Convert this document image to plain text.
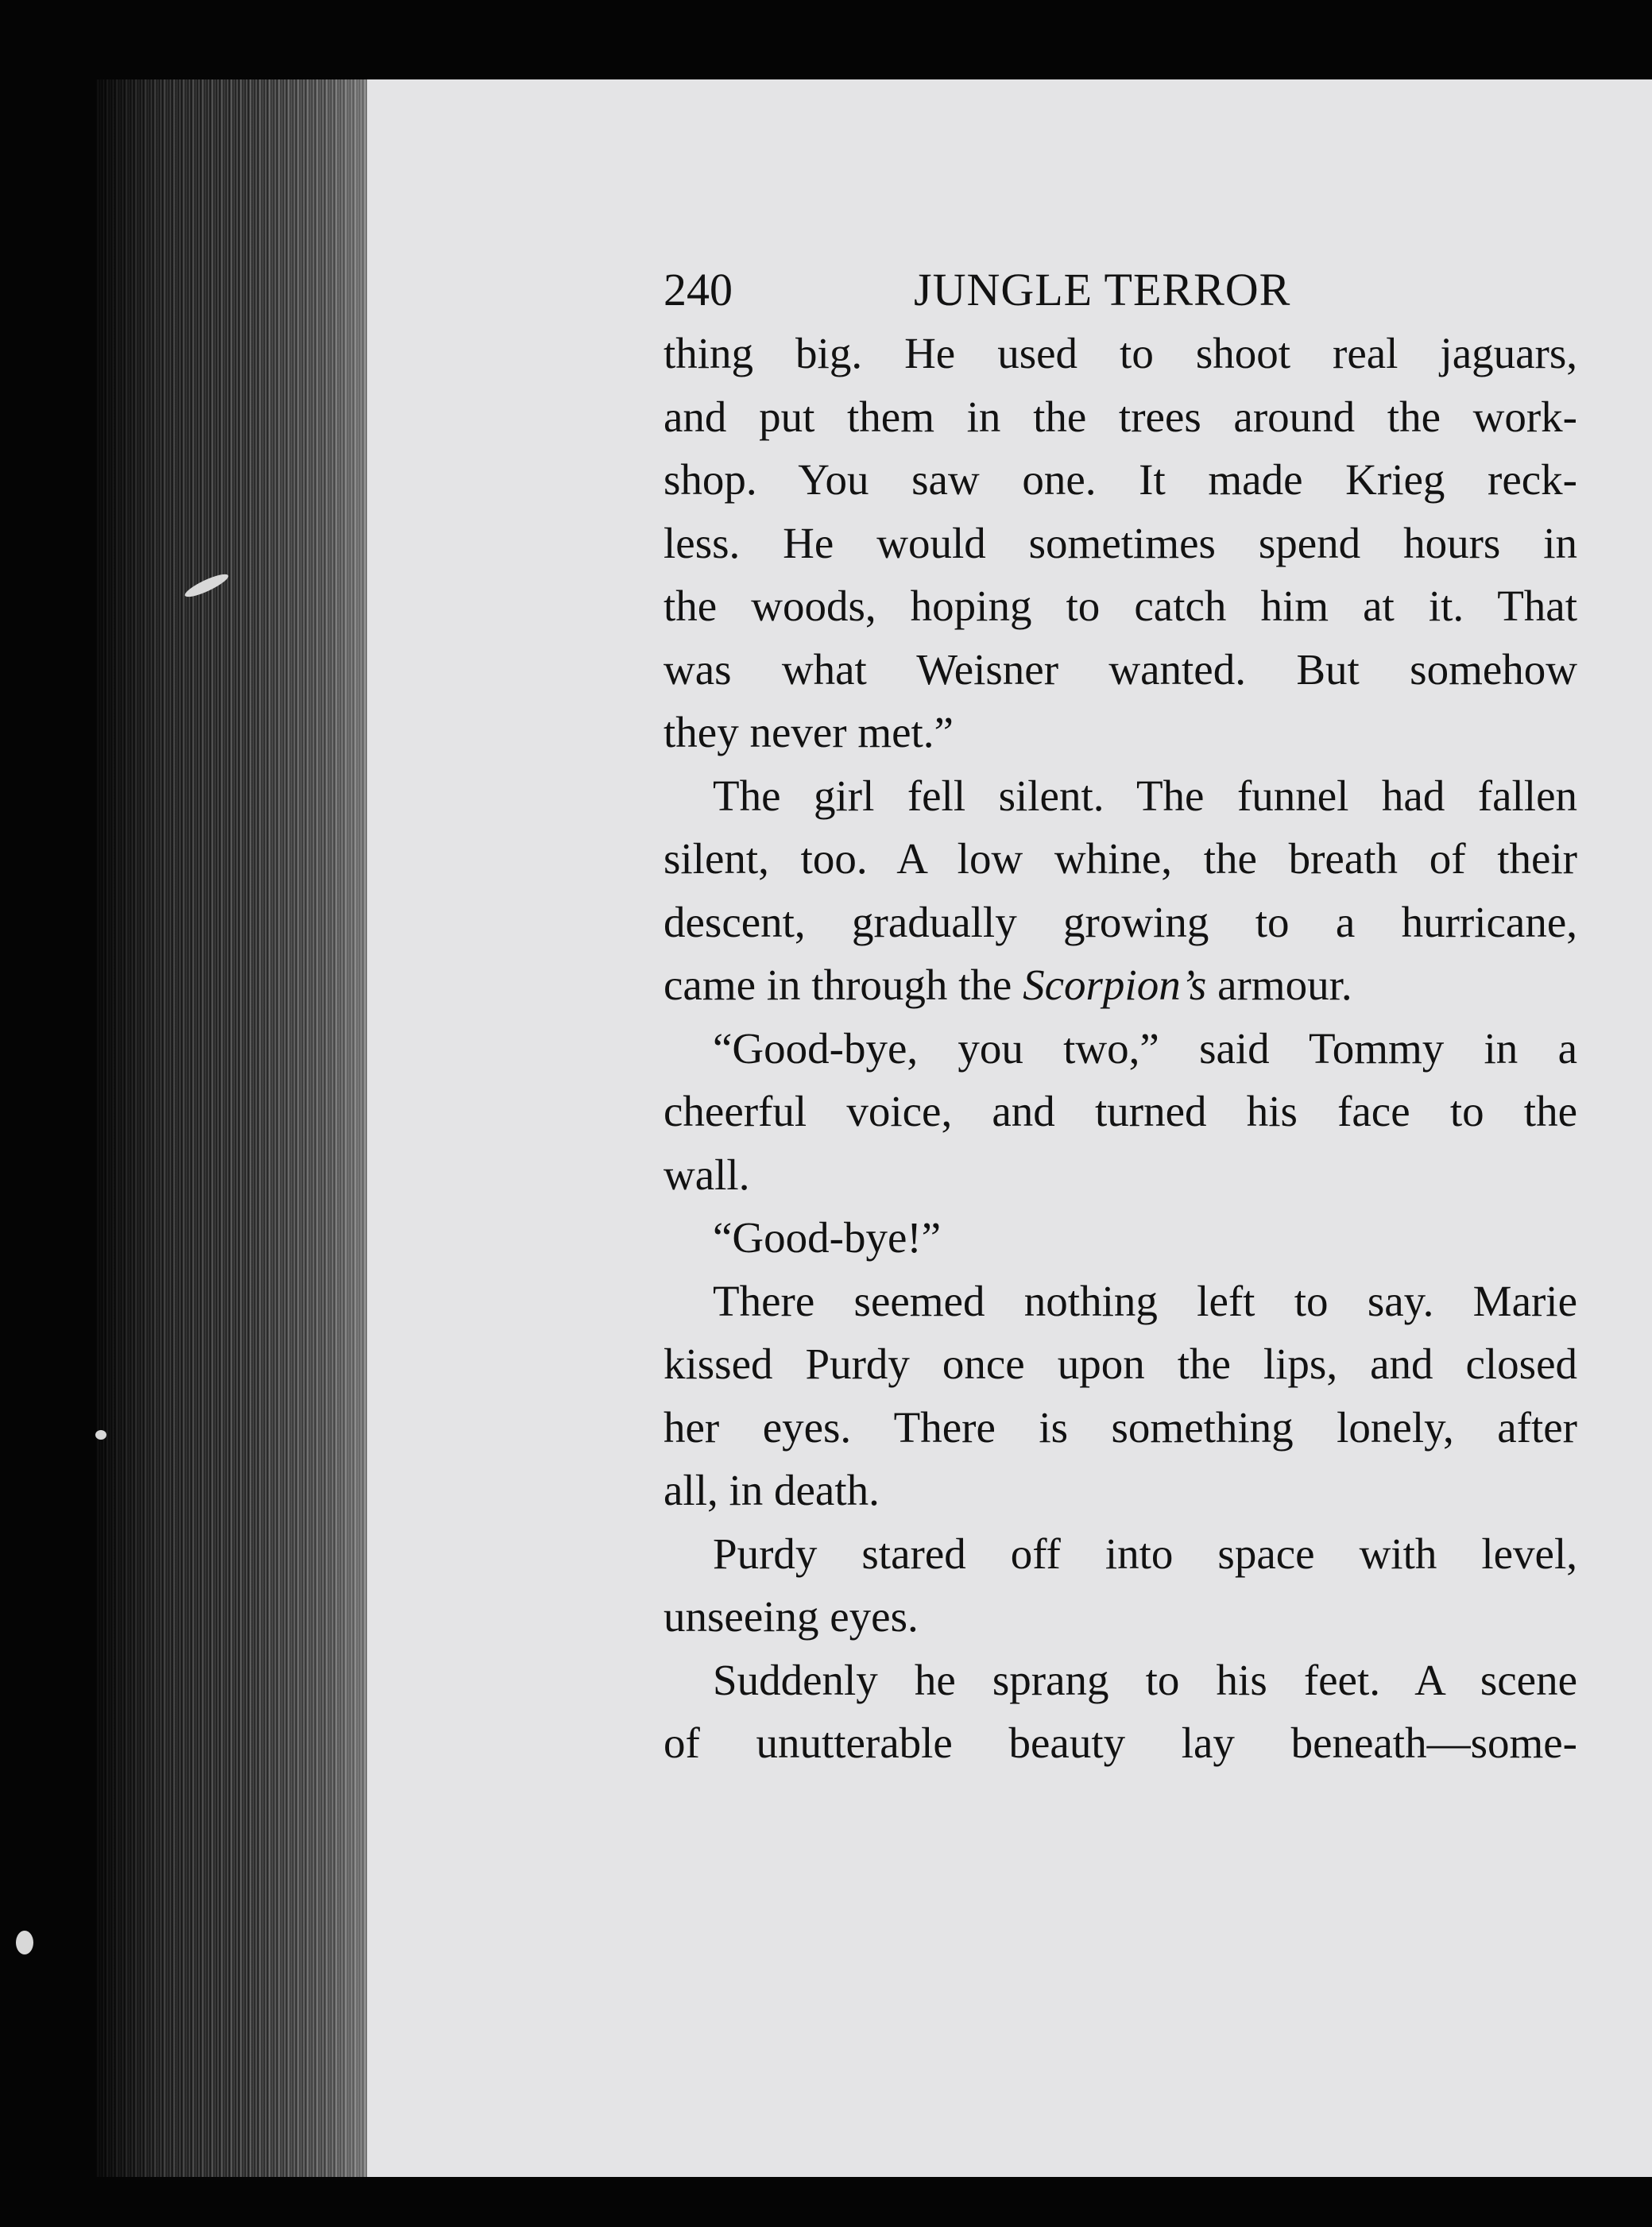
240	JUNGLE TERROR
thing big. He used to shoot real jaguars,
and put them in the trees around the work-
shop. You saw one. It made Krieg reck-
less. He would sometimes spend hours in
the woods, hoping to catch him at it. That
was what Weisner wanted. But somehow
they never met.”
The girl fell silent. The funnel had fallen
silent, too. A low whine, the breath of their
descent, gradually growing to a hurricane,
came in through the Scorpion’s armour.
“Good-bye, you two,” said Tommy in a
cheerful voice, and turned his face to the
wall.
“Good-bye!”
There seemed nothing left to say. Marie
kissed Purdy once upon the lips, and closed
her eyes. There is something lonely, after
all, in death.
Purdy stared off into space with level,
unseeing eyes.
Suddenly he sprang to his feet. A scene
of unutterable beauty lay beneath—some-
